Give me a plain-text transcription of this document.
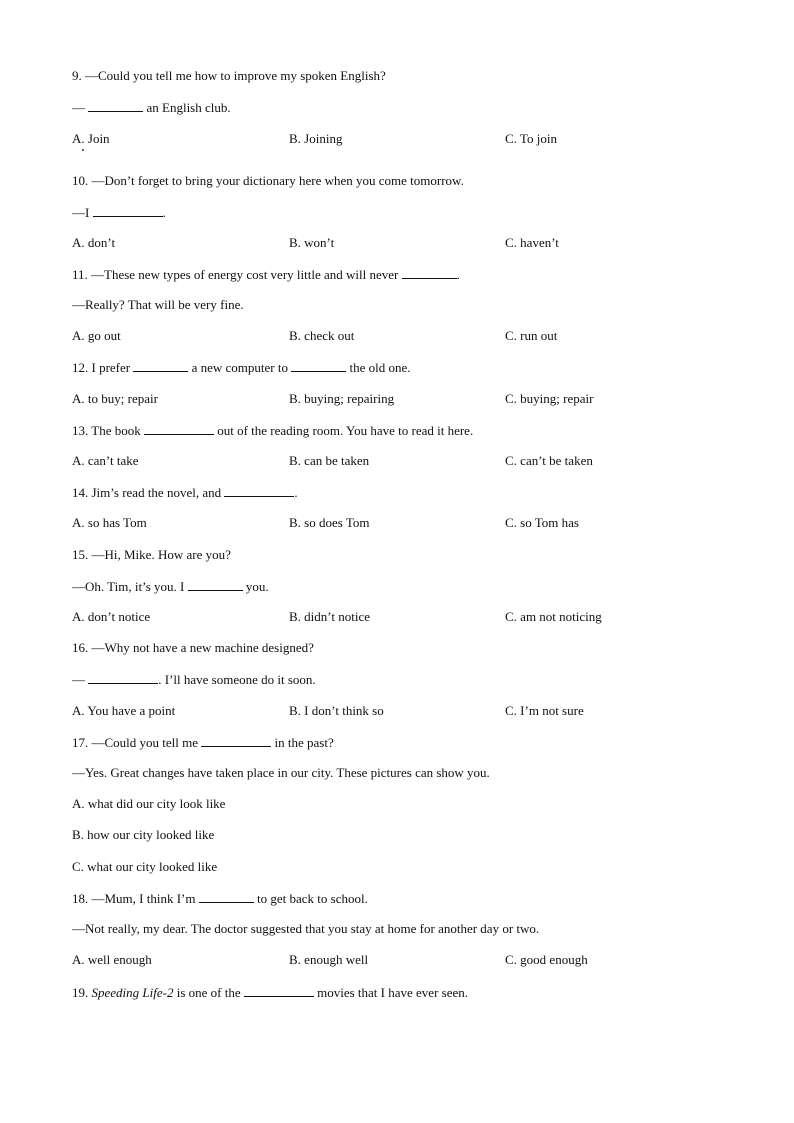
9. —Could you tell me how to improve my spoken English?
—	an English club.
A. Join	B. Joining	C. To join
10. —Don’t forget to bring your dictionary here when you come tomorrow.
—I	.
A. don’t	B. won’t	C. haven’t
11. —These new types of energy cost very little and will never	.
—Really? That will be very fine.
A. go out	B. check out	C. run out
12. I prefer	a new computer to	the old one.
A. to buy; repair	B. buying; repairing	C. buying; repair
13. The book	out of the reading room. You have to read it here.
A. can’t take	B. can be taken	C. can’t be taken
14. Jim’s read the novel, and	.
A. so has Tom	B. so does Tom	C. so Tom has
15. —Hi, Mike. How are you?
—Oh. Tim, it’s you. I	you.
A. don’t notice	B. didn’t notice	C. am not noticing
16. —Why not have a new machine designed?
—	. I’ll have someone do it soon.
A. You have a point	B. I don’t think so	C. I’m not sure
17. —Could you tell me	in the past?
—Yes. Great changes have taken place in our city. These pictures can show you.
A. what did our city look like
B. how our city looked like
C. what our city looked like
18. —Mum, I think I’m	to get back to school.
—Not really, my dear. The doctor suggested that you stay at home for another day or two.
A. well enough	B. enough well	C. good enough
19. Speeding Life-2 is one of the	movies that I have ever seen.
